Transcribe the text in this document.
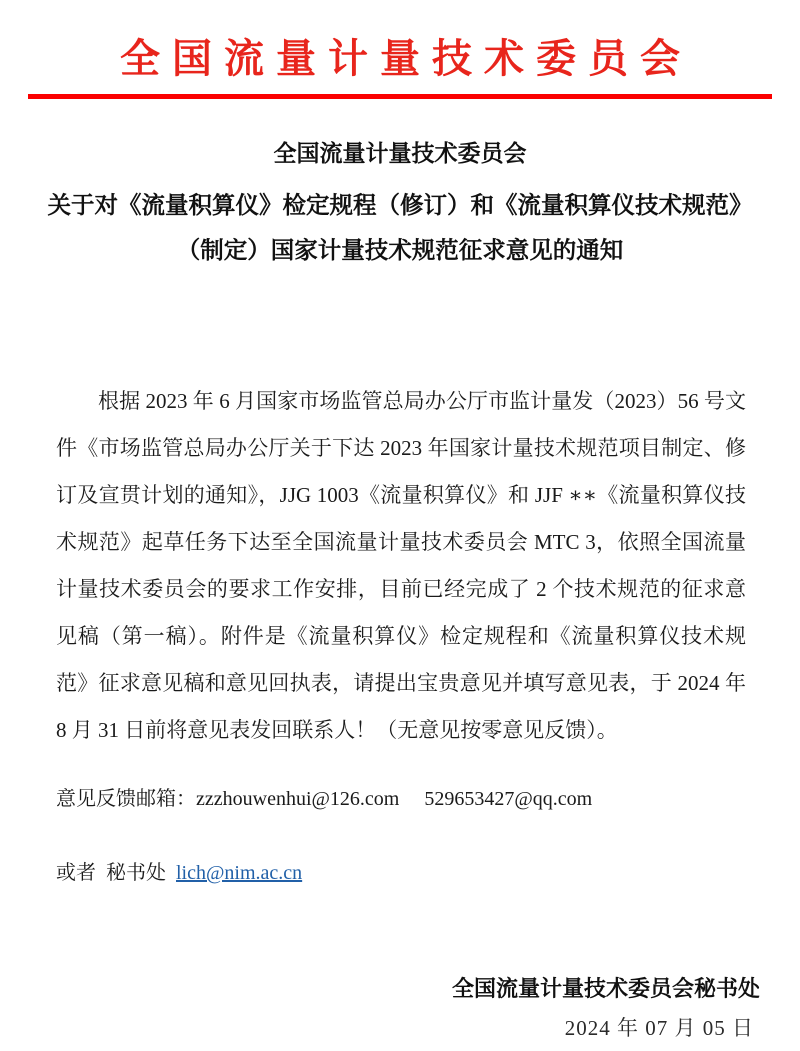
全国流量计量技术委员会
全国流量计量技术委员会
关于对《流量积算仪》检定规程（修订）和《流量积算仪技术规范》（制定）国家计量技术规范征求意见的通知

根据 2023 年 6 月国家市场监管总局办公厅市监计量发（2023）56 号文件《市场监管总局办公厅关于下达 2023 年国家计量技术规范项目制定、修订及宣贯计划的通知》，JJG 1003《流量积算仪》和 JJF ∗∗《流量积算仪技术规范》起草任务下达至全国流量计量技术委员会 MTC 3，依照全国流量计量技术委员会的要求工作安排，目前已经完成了 2 个技术规范的征求意见稿（第一稿）。附件是《流量积算仪》检定规程和《流量积算仪技术规范》征求意见稿和意见回执表，请提出宝贵意见并填写意见表，于 2024 年 8 月 31 日前将意见表发回联系人！（无意见按零意见反馈）。

意见反馈邮箱：zzzhouwenhui@126.com 529653427@qq.com
或者  秘书处  lich@nim.ac.cn
全国流量计量技术委员会秘书处
2024 年 07 月 05 日
